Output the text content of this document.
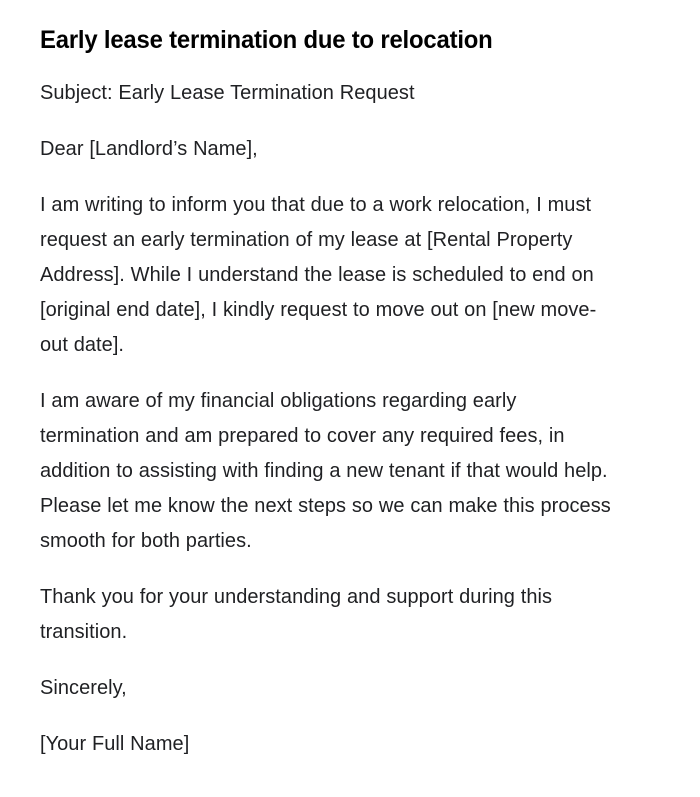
Early lease termination due to relocation

Subject: Early Lease Termination Request

Dear [Landlord’s Name],

I am writing to inform you that due to a work relocation, I must request an early termination of my lease at [Rental Property Address]. While I understand the lease is scheduled to end on [original end date], I kindly request to move out on [new move-out date].

I am aware of my financial obligations regarding early termination and am prepared to cover any required fees, in addition to assisting with finding a new tenant if that would help. Please let me know the next steps so we can make this process smooth for both parties.

Thank you for your understanding and support during this transition.

Sincerely,

[Your Full Name]
